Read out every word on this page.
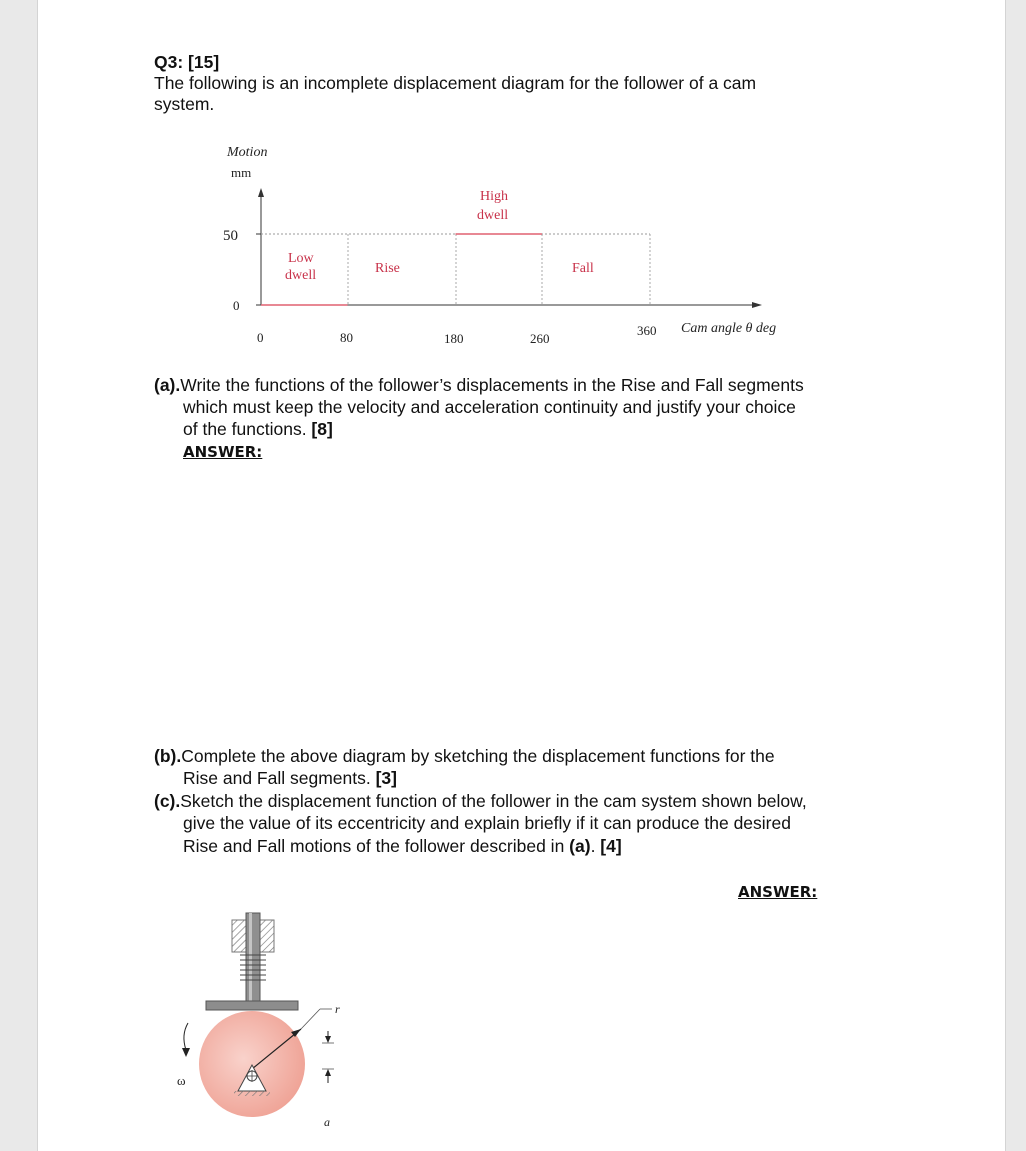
Q3: [15]
The following is an incomplete displacement diagram for the follower of a cam
system.
Motion
mm
50
0
Low
dwell	Rise
High
dwell
Fall
0	80	180	260
360 Cam angle θ deg
(a).Write the functions of the follower’s displacements in the Rise and Fall segments
which must keep the velocity and acceleration continuity and justify your choice
of the functions. [8]
ANSWER:
(b).Complete the above diagram by sketching the displacement functions for the
Rise and Fall segments. [3]
(c).Sketch the displacement function of the follower in the cam system shown below,
give the value of its eccentricity and explain briefly if it can produce the desired
Rise and Fall motions of the follower described in (a). [4]
ANSWER:
r
ω
a
